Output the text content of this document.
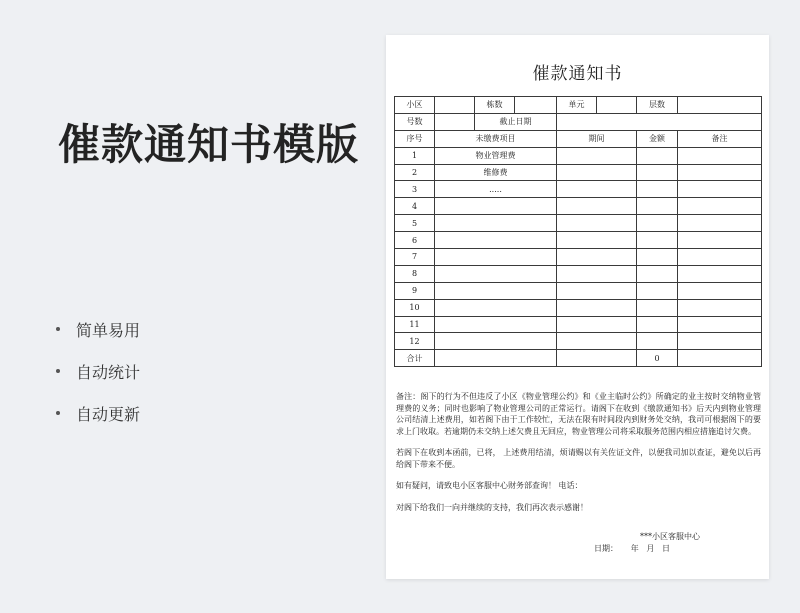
催款通知书模版
简单易用
自动统计
自动更新
催款通知书
小区		栋数		单元		层数	
号数		截止日期					
序号	未缴费项目			期间		金额	备注
1	物业管理费						
2	维修费						
3	.....						
4							
5							
6							
7							
8							
9							
10							
11							
12							
合计						0	

备注：阁下的行为不但违反了小区《物业管理公约》和《业主临时公约》所确定的业主按时交纳物业管理费的义务；同时也影响了物业管理公司的正常运行。请阁下在收到《缴款通知书》后天内到物业管理公司结清上述费用，如若阁下由于工作较忙，无法在限有时间段内到财务处交纳，我司可根据阁下的要求上门收取。若逾期仍未交纳上述欠费且无回应，物业管理公司将采取服务范围内相应措施追讨欠费。

若阁下在收到本函前，已将， 上述费用结清，烦请赐以有关佐证文件，以便我司加以查证，避免以后再给阁下带来不便。

如有疑问，请致电小区客服中心财务部查询！ 电话：

对阁下给我们一向并继续的支持，我们再次表示感谢！

***小区客服中心
日期：     年   月   日
